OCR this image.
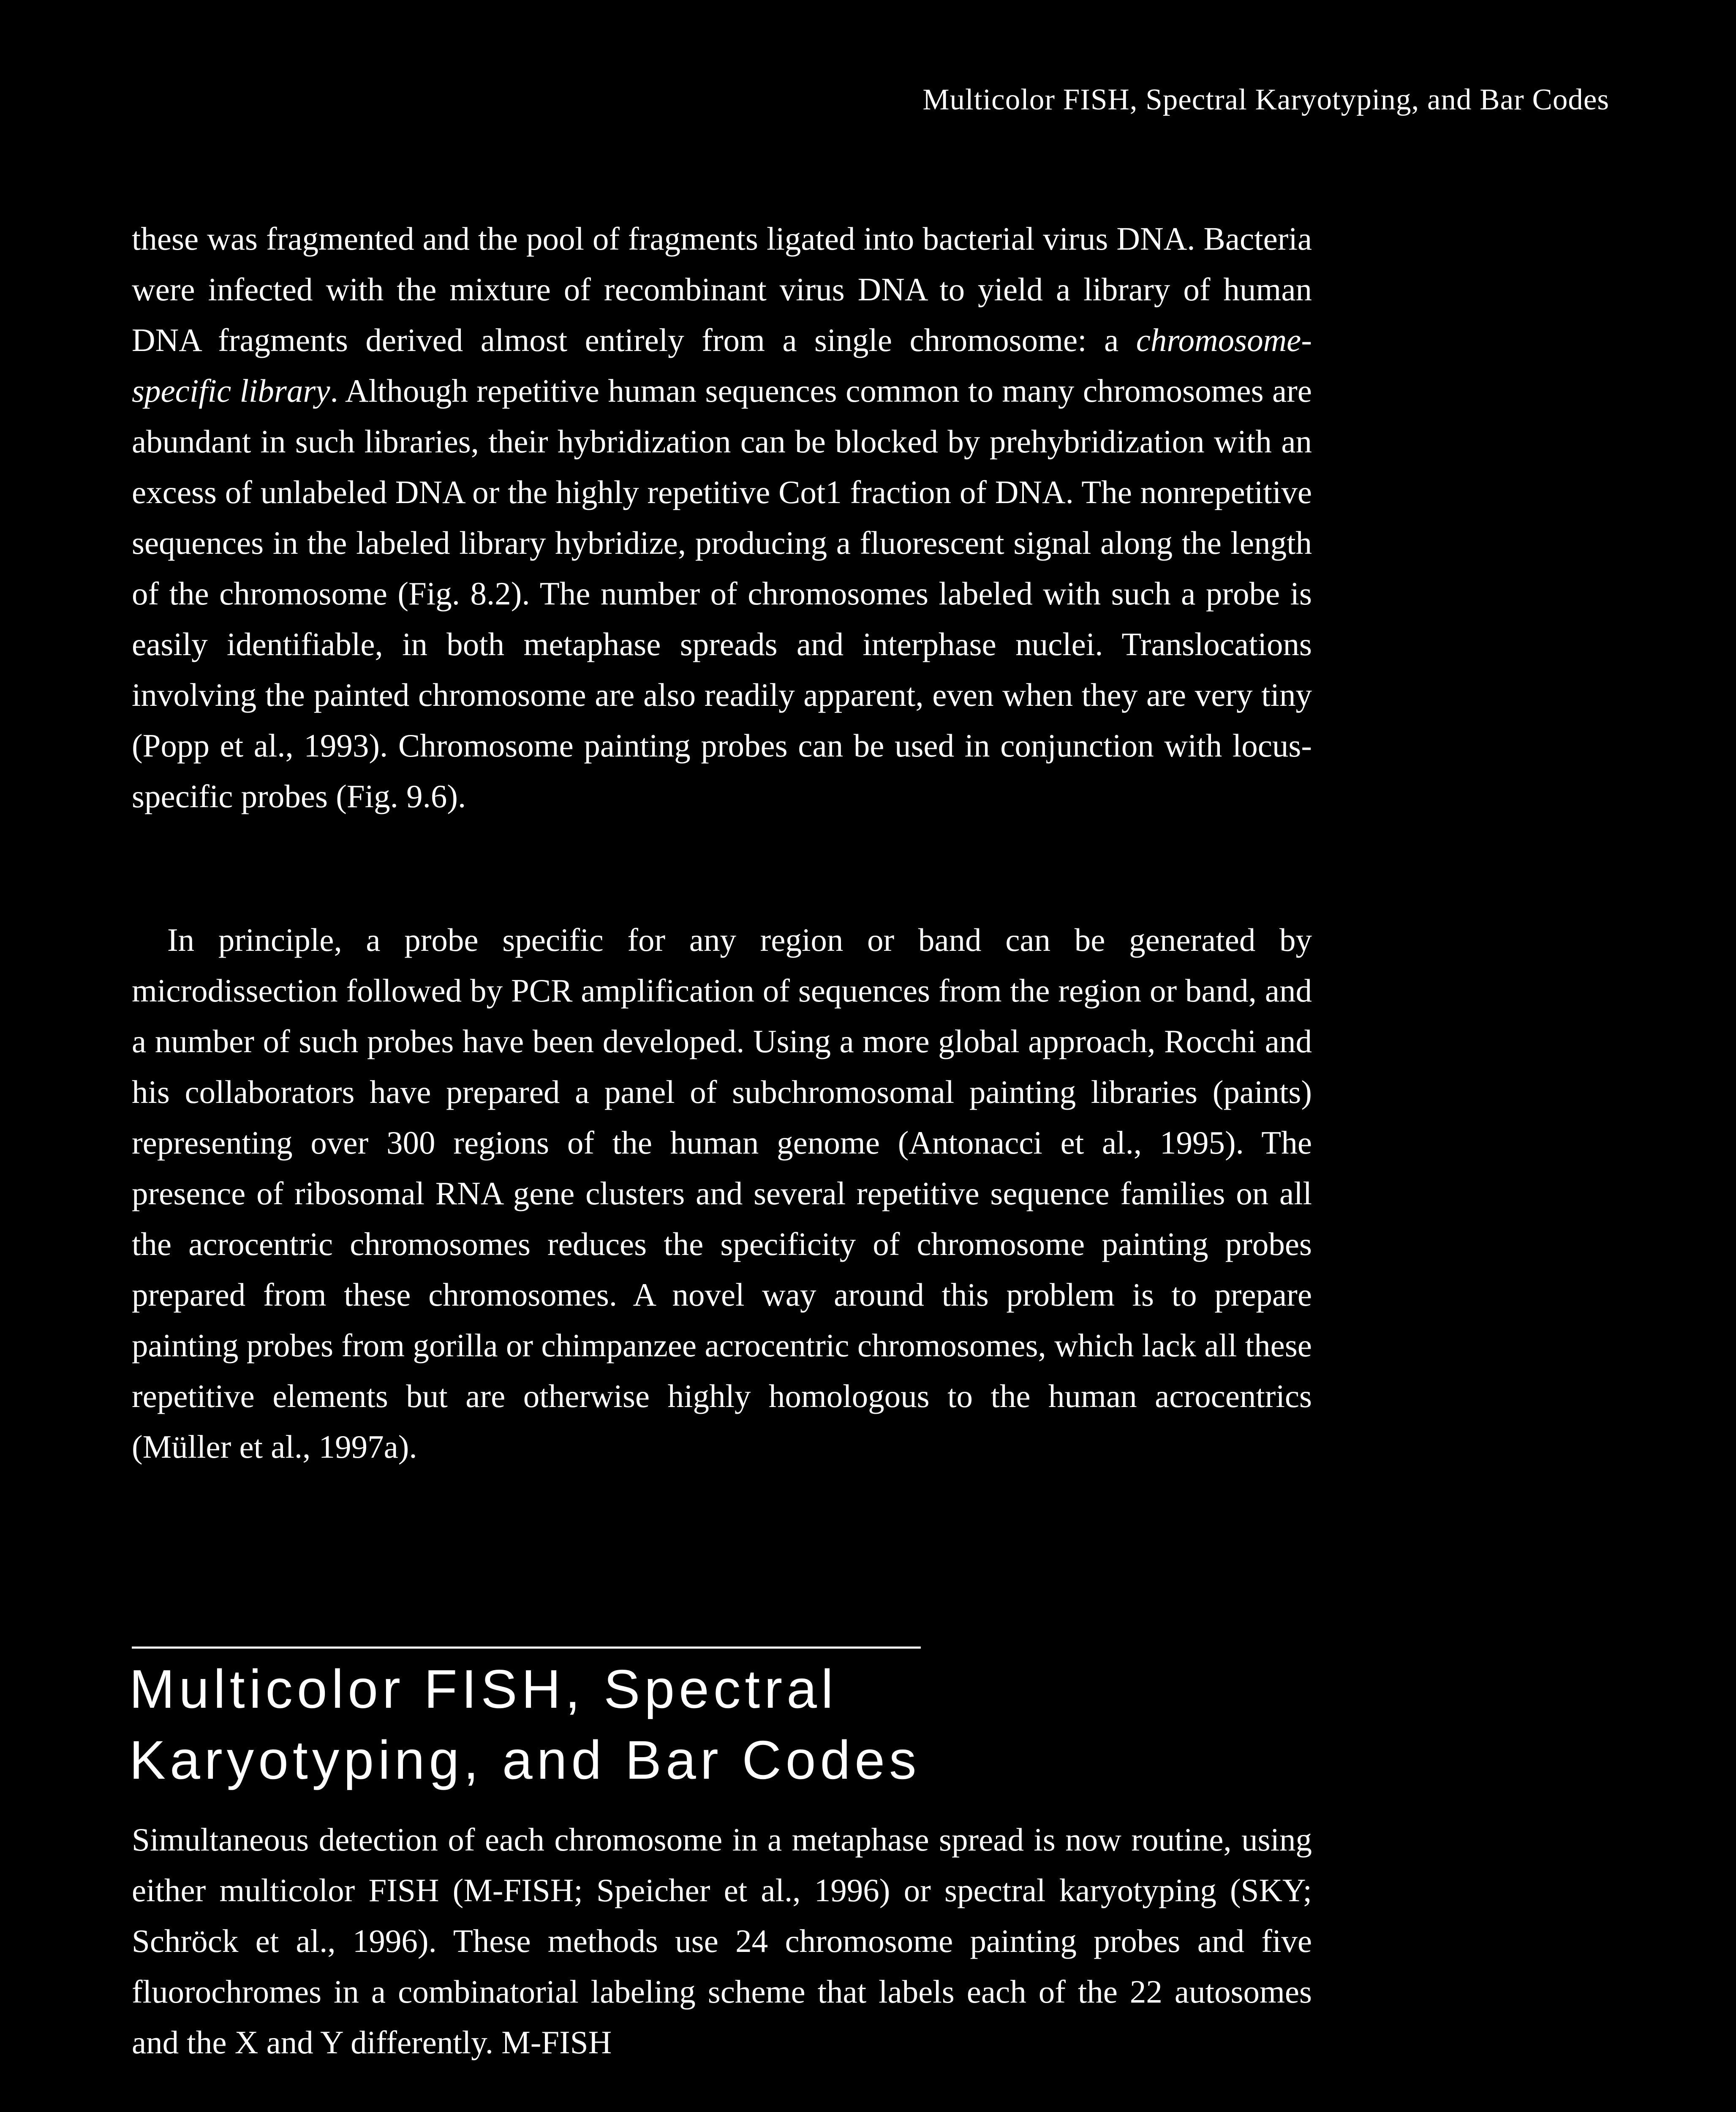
Multicolor FISH, Spectral Karyotyping, and Bar Codes

these was fragmented and the pool of fragments ligated into bacterial virus DNA. Bacteria were infected with the mixture of recombinant virus DNA to yield a library of human DNA fragments derived almost entirely from a single chromosome: a chromosome-specific library. Although repetitive human sequences common to many chromosomes are abundant in such libraries, their hybridization can be blocked by prehybridization with an excess of unlabeled DNA or the highly repetitive Cot1 fraction of DNA. The nonrepetitive sequences in the labeled library hybridize, producing a fluorescent signal along the length of the chromosome (Fig. 8.2). The number of chromosomes labeled with such a probe is easily identifiable, in both metaphase spreads and interphase nuclei. Translocations involving the painted chromosome are also readily apparent, even when they are very tiny (Popp et al., 1993). Chromosome painting probes can be used in conjunction with locus-specific probes (Fig. 9.6).

In principle, a probe specific for any region or band can be generated by microdissection followed by PCR amplification of sequences from the region or band, and a number of such probes have been developed. Using a more global approach, Rocchi and his collaborators have prepared a panel of subchromosomal painting libraries (paints) representing over 300 regions of the human genome (Antonacci et al., 1995). The presence of ribosomal RNA gene clusters and several repetitive sequence families on all the acrocentric chromosomes reduces the specificity of chromosome painting probes prepared from these chromosomes. A novel way around this problem is to prepare painting probes from gorilla or chimpanzee acrocentric chromosomes, which lack all these repetitive elements but are otherwise highly homologous to the human acrocentrics (Müller et al., 1997a).

Multicolor FISH, Spectral
Karyotyping, and Bar Codes

Simultaneous detection of each chromosome in a metaphase spread is now routine, using either multicolor FISH (M-FISH; Speicher et al., 1996) or spectral karyotyping (SKY; Schröck et al., 1996). These methods use 24 chromosome painting probes and five fluorochromes in a combinatorial labeling scheme that labels each of the 22 autosomes and the X and Y differently. M-FISH
